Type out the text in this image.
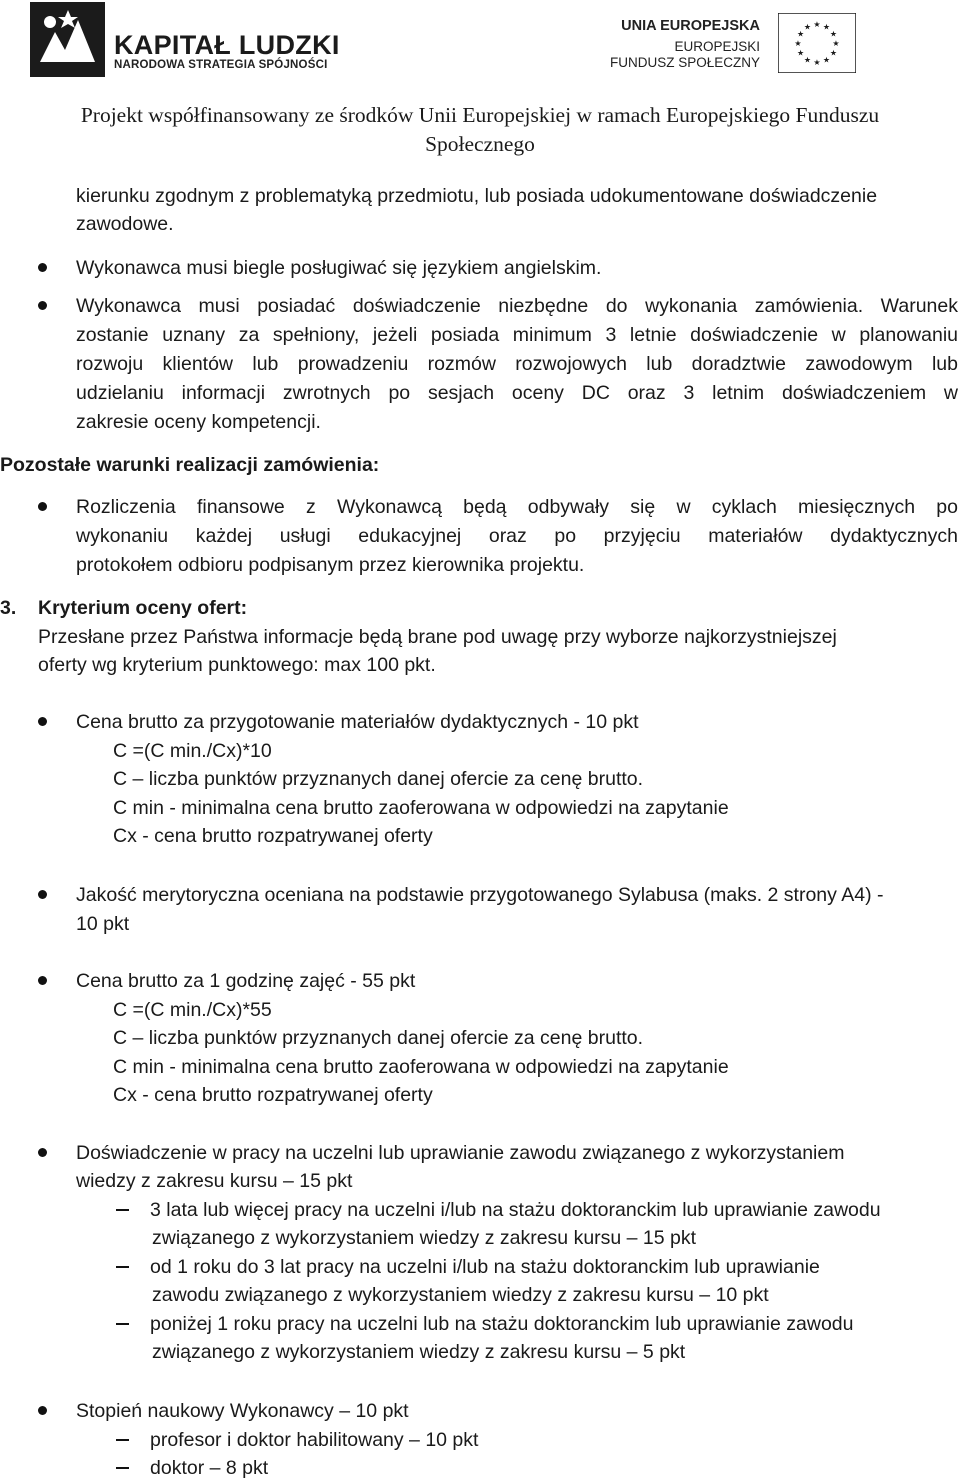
KAPITAŁ LUDZKI
NARODOWA STRATEGIA SPÓJNOŚCI
UNIA EUROPEJSKA
EUROPEJSKI
FUNDUSZ SPOŁECZNY
★ ★
★
★
★
★
★
★
★
★
★
★
Projekt współfinansowany ze środków Unii Europejskiej w ramach Europejskiego Funduszu
Społecznego
kierunku zgodnym z problematyką przedmiotu, lub posiada udokumentowane doświadczenie
zawodowe.
Wykonawca musi biegle posługiwać się językiem angielskim.
Wykonawca musi posiadać doświadczenie niezbędne do wykonania zamówienia. Warunek
zostanie uznany za spełniony, jeżeli posiada minimum 3 letnie doświadczenie w planowaniu
rozwoju klientów lub prowadzeniu rozmów rozwojowych lub doradztwie zawodowym lub
udzielaniu informacji zwrotnych po sesjach oceny DC oraz 3 letnim doświadczeniem w
zakresie oceny kompetencji.
Pozostałe warunki realizacji zamówienia:
Rozliczenia finansowe z Wykonawcą będą odbywały się w cyklach miesięcznych po
wykonaniu każdej usługi edukacyjnej oraz po przyjęciu materiałów dydaktycznych
protokołem odbioru podpisanym przez kierownika projektu.
3. Kryterium oceny ofert:
Przesłane przez Państwa informacje będą brane pod uwagę przy wyborze najkorzystniejszej
oferty wg kryterium punktowego: max 100 pkt.
Cena brutto za przygotowanie materiałów dydaktycznych - 10 pkt
C =(C min./Cx)*10
C – liczba punktów przyznanych danej ofercie za cenę brutto.
C min - minimalna cena brutto zaoferowana w odpowiedzi na zapytanie
Cx - cena brutto rozpatrywanej oferty
Jakość merytoryczna oceniana na podstawie przygotowanego Sylabusa (maks. 2 strony A4) -
10 pkt
Cena brutto za 1 godzinę zajęć - 55 pkt
C =(C min./Cx)*55
C – liczba punktów przyznanych danej ofercie za cenę brutto.
C min - minimalna cena brutto zaoferowana w odpowiedzi na zapytanie
Cx - cena brutto rozpatrywanej oferty
Doświadczenie w pracy na uczelni lub uprawianie zawodu związanego z wykorzystaniem
wiedzy z zakresu kursu – 15 pkt
3 lata lub więcej pracy na uczelni i/lub na stażu doktoranckim lub uprawianie zawodu
związanego z wykorzystaniem wiedzy z zakresu kursu – 15 pkt
od 1 roku do 3 lat pracy na uczelni i/lub na stażu doktoranckim lub uprawianie
zawodu związanego z wykorzystaniem wiedzy z zakresu kursu – 10 pkt
poniżej 1 roku pracy na uczelni lub na stażu doktoranckim lub uprawianie zawodu
związanego z wykorzystaniem wiedzy z zakresu kursu – 5 pkt
Stopień naukowy Wykonawcy – 10 pkt
profesor i doktor habilitowany – 10 pkt
doktor – 8 pkt
